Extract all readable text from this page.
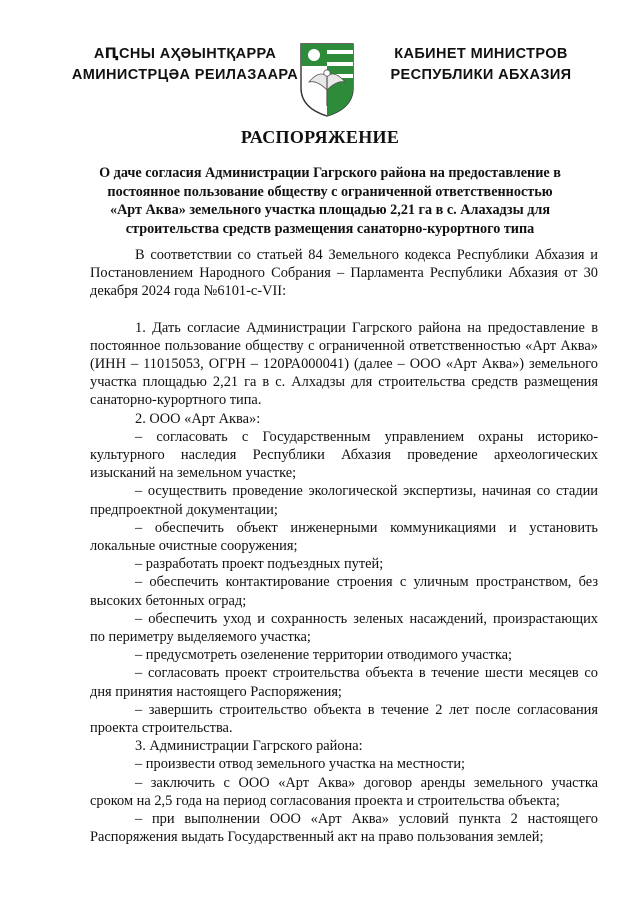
АԤСНЫ АҲӘЫНТҚАРРА
АМИНИСТРЦӘА РЕИЛАЗААРА
КАБИНЕТ МИНИСТРОВ
РЕСПУБЛИКИ АБХАЗИЯ
РАСПОРЯЖЕНИЕ
О даче согласия Администрации Гагрского района на предоставление в постоянное пользование обществу с ограниченной ответственностью «Арт Аква» земельного участка площадью 2,21 га в с. Алахадзы для строительства средств размещения санаторно-курортного типа

В соответствии со статьей 84 Земельного кодекса Республики Абхазия и Постановлением Народного Собрания – Парламента Республики Абхазия от 30 декабря 2024 года №6101-с-VII:

1. Дать согласие Администрации Гагрского района на предоставление в постоянное пользование обществу с ограниченной ответственностью «Арт Аква» (ИНН – 11015053, ОГРН – 120РА000041) (далее – ООО «Арт Аква») земельного участка площадью 2,21 га в с. Алхадзы для строительства средств размещения санаторно-курортного типа.

2. ООО «Арт Аква»:

– согласовать с Государственным управлением охраны историко-культурного наследия Республики Абхазия проведение археологических изысканий на земельном участке;

– осуществить проведение экологической экспертизы, начиная со стадии предпроектной документации;

– обеспечить объект инженерными коммуникациями и установить локальные очистные сооружения;

– разработать проект подъездных путей;

– обеспечить контактирование строения с уличным пространством, без высоких бетонных оград;

– обеспечить уход и сохранность зеленых насаждений, произрастающих по периметру выделяемого участка;

– предусмотреть озеленение территории отводимого участка;

– согласовать проект строительства объекта в течение шести месяцев со дня принятия настоящего Распоряжения;

– завершить строительство объекта в течение 2 лет после согласования проекта строительства.

3. Администрации Гагрского района:

– произвести отвод земельного участка на местности;

– заключить с ООО «Арт Аква» договор аренды земельного участка сроком на 2,5 года на период согласования проекта и строительства объекта;

– при выполнении ООО «Арт Аква» условий пункта 2 настоящего Распоряжения выдать Государственный акт на право пользования землей;
